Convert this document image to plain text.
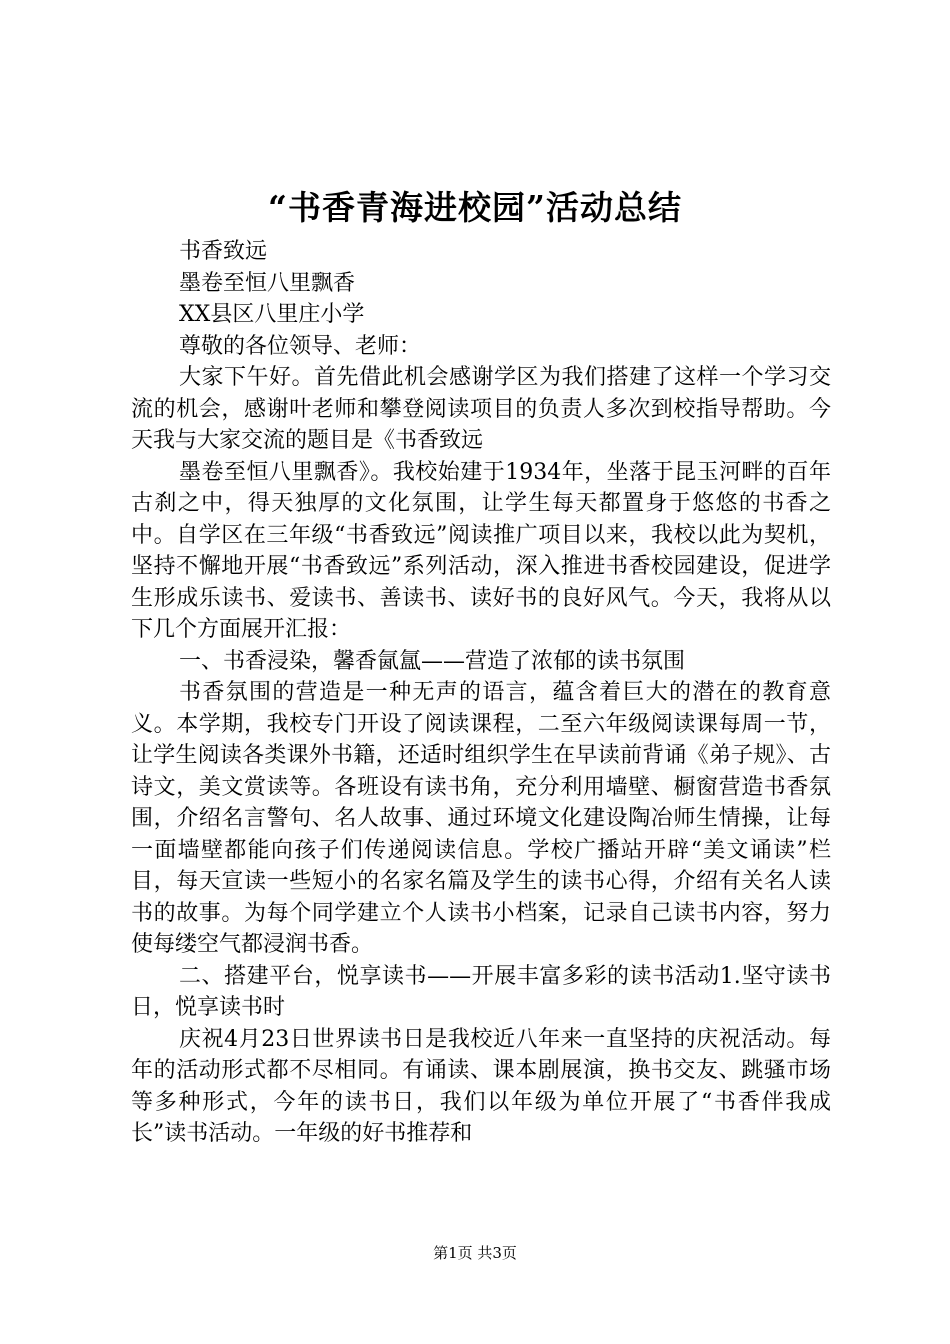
“书香青海进校园”活动总结

书香致远

墨卷至恒八里飘香

XX县区八里庄小学

尊敬的各位领导、老师：

大家下午好。首先借此机会感谢学区为我们搭建了这样一个学习交流的机会，感谢叶老师和攀登阅读项目的负责人多次到校指导帮助。今天我与大家交流的题目是《书香致远

墨卷至恒八里飘香》。我校始建于1934年，坐落于昆玉河畔的百年古刹之中，得天独厚的文化氛围，让学生每天都置身于悠悠的书香之中。自学区在三年级“书香致远”阅读推广项目以来，我校以此为契机，坚持不懈地开展“书香致远”系列活动，深入推进书香校园建设，促进学生形成乐读书、爱读书、善读书、读好书的良好风气。今天，我将从以下几个方面展开汇报：

一、书香浸染，馨香氤氲——营造了浓郁的读书氛围

书香氛围的营造是一种无声的语言，蕴含着巨大的潜在的教育意义。本学期，我校专门开设了阅读课程，二至六年级阅读课每周一节，让学生阅读各类课外书籍，还适时组织学生在早读前背诵《弟子规》、古诗文，美文赏读等。各班设有读书角，充分利用墙壁、橱窗营造书香氛围，介绍名言警句、名人故事、通过环境文化建设陶冶师生情操，让每一面墙壁都能向孩子们传递阅读信息。学校广播站开辟“美文诵读”栏目，每天宣读一些短小的名家名篇及学生的读书心得，介绍有关名人读书的故事。为每个同学建立个人读书小档案，记录自己读书内容，努力使每缕空气都浸润书香。

二、搭建平台，悦享读书——开展丰富多彩的读书活动1.坚守读书日，悦享读书时

庆祝4月23日世界读书日是我校近八年来一直坚持的庆祝活动。每年的活动形式都不尽相同。有诵读、课本剧展演，换书交友、跳骚市场等多种形式，今年的读书日，我们以年级为单位开展了“书香伴我成长”读书活动。一年级的好书推荐和

第1页 共3页
